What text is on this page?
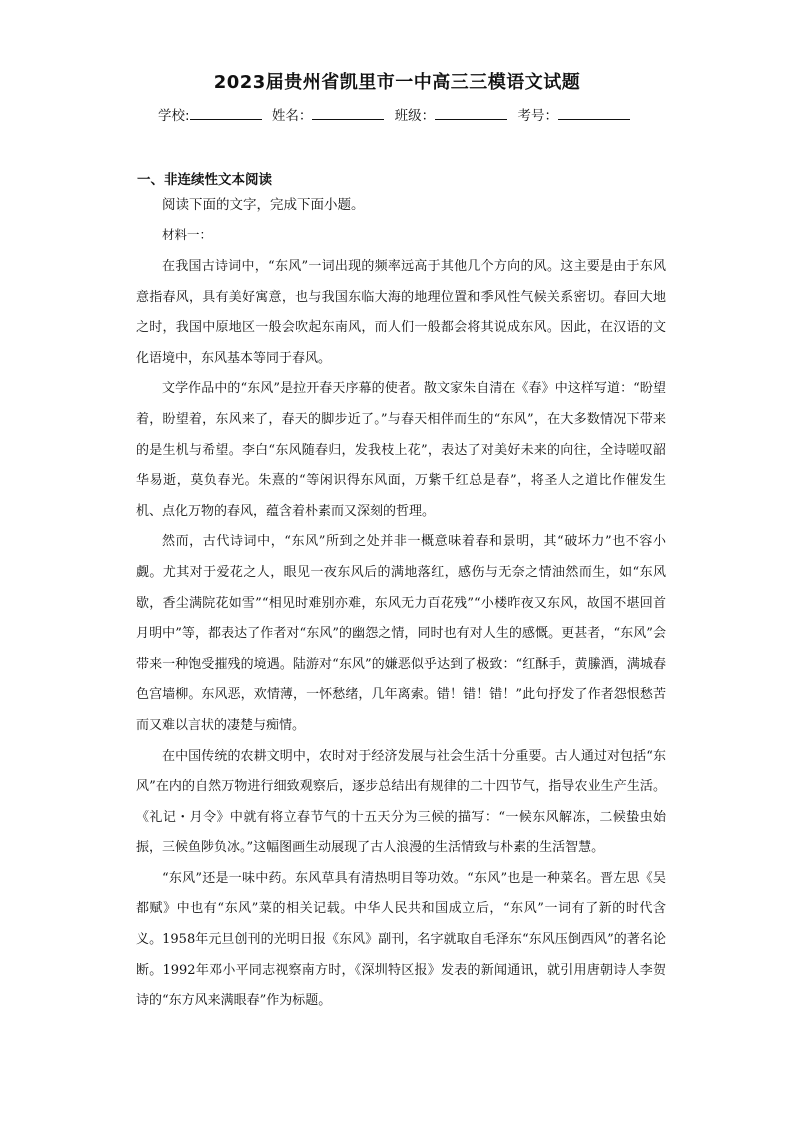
2023届贵州省凯里市一中高三三模语文试题
学校:	姓名：	班级：	考号：
一、非连续性文本阅读
阅读下面的文字，完成下面小题。
材料一：

在我国古诗词中，“东风”一词出现的频率远高于其他几个方向的风。这主要是由于东风意指春风，具有美好寓意，也与我国东临大海的地理位置和季风性气候关系密切。春回大地之时，我国中原地区一般会吹起东南风，而人们一般都会将其说成东风。因此，在汉语的文化语境中，东风基本等同于春风。

文学作品中的“东风”是拉开春天序幕的使者。散文家朱自清在《春》中这样写道：“盼望着，盼望着，东风来了，春天的脚步近了。”与春天相伴而生的“东风”，在大多数情况下带来的是生机与希望。李白“东风随春归，发我枝上花”，表达了对美好未来的向往，全诗嗟叹韶华易逝，莫负春光。朱熹的“等闲识得东风面，万紫千红总是春”，将圣人之道比作催发生机、点化万物的春风，蕴含着朴素而又深刻的哲理。

然而，古代诗词中，“东风”所到之处并非一概意味着春和景明，其“破坏力”也不容小觑。尤其对于爱花之人，眼见一夜东风后的满地落红，感伤与无奈之情油然而生，如“东风歇，香尘满院花如雪”“相见时难别亦难，东风无力百花残”“小楼昨夜又东风，故国不堪回首月明中”等，都表达了作者对“东风”的幽怨之情，同时也有对人生的感慨。更甚者，“东风”会带来一种饱受摧残的境遇。陆游对“东风”的嫌恶似乎达到了极致：“红酥手，黄縢酒，满城春色宫墙柳。东风恶，欢情薄，一怀愁绪，几年离索。错！错！错！”此句抒发了作者怨恨愁苦而又难以言状的凄楚与痴情。

在中国传统的农耕文明中，农时对于经济发展与社会生活十分重要。古人通过对包括“东风”在内的自然万物进行细致观察后，逐步总结出有规律的二十四节气，指导农业生产生活。《礼记・月令》中就有将立春节气的十五天分为三候的描写：“一候东风解冻，二候蛰虫始振，三候鱼陟负冰。”这幅图画生动展现了古人浪漫的生活情致与朴素的生活智慧。

“东风”还是一味中药。东风草具有清热明目等功效。“东风”也是一种菜名。晋左思《吴都赋》中也有“东风”菜的相关记载。中华人民共和国成立后，“东风”一词有了新的时代含义。1958年元旦创刊的光明日报《东风》副刊，名字就取自毛泽东“东风压倒西风”的著名论断。1992年邓小平同志视察南方时，《深圳特区报》发表的新闻通讯，就引用唐朝诗人李贺诗的“东方风来满眼春”作为标题。
